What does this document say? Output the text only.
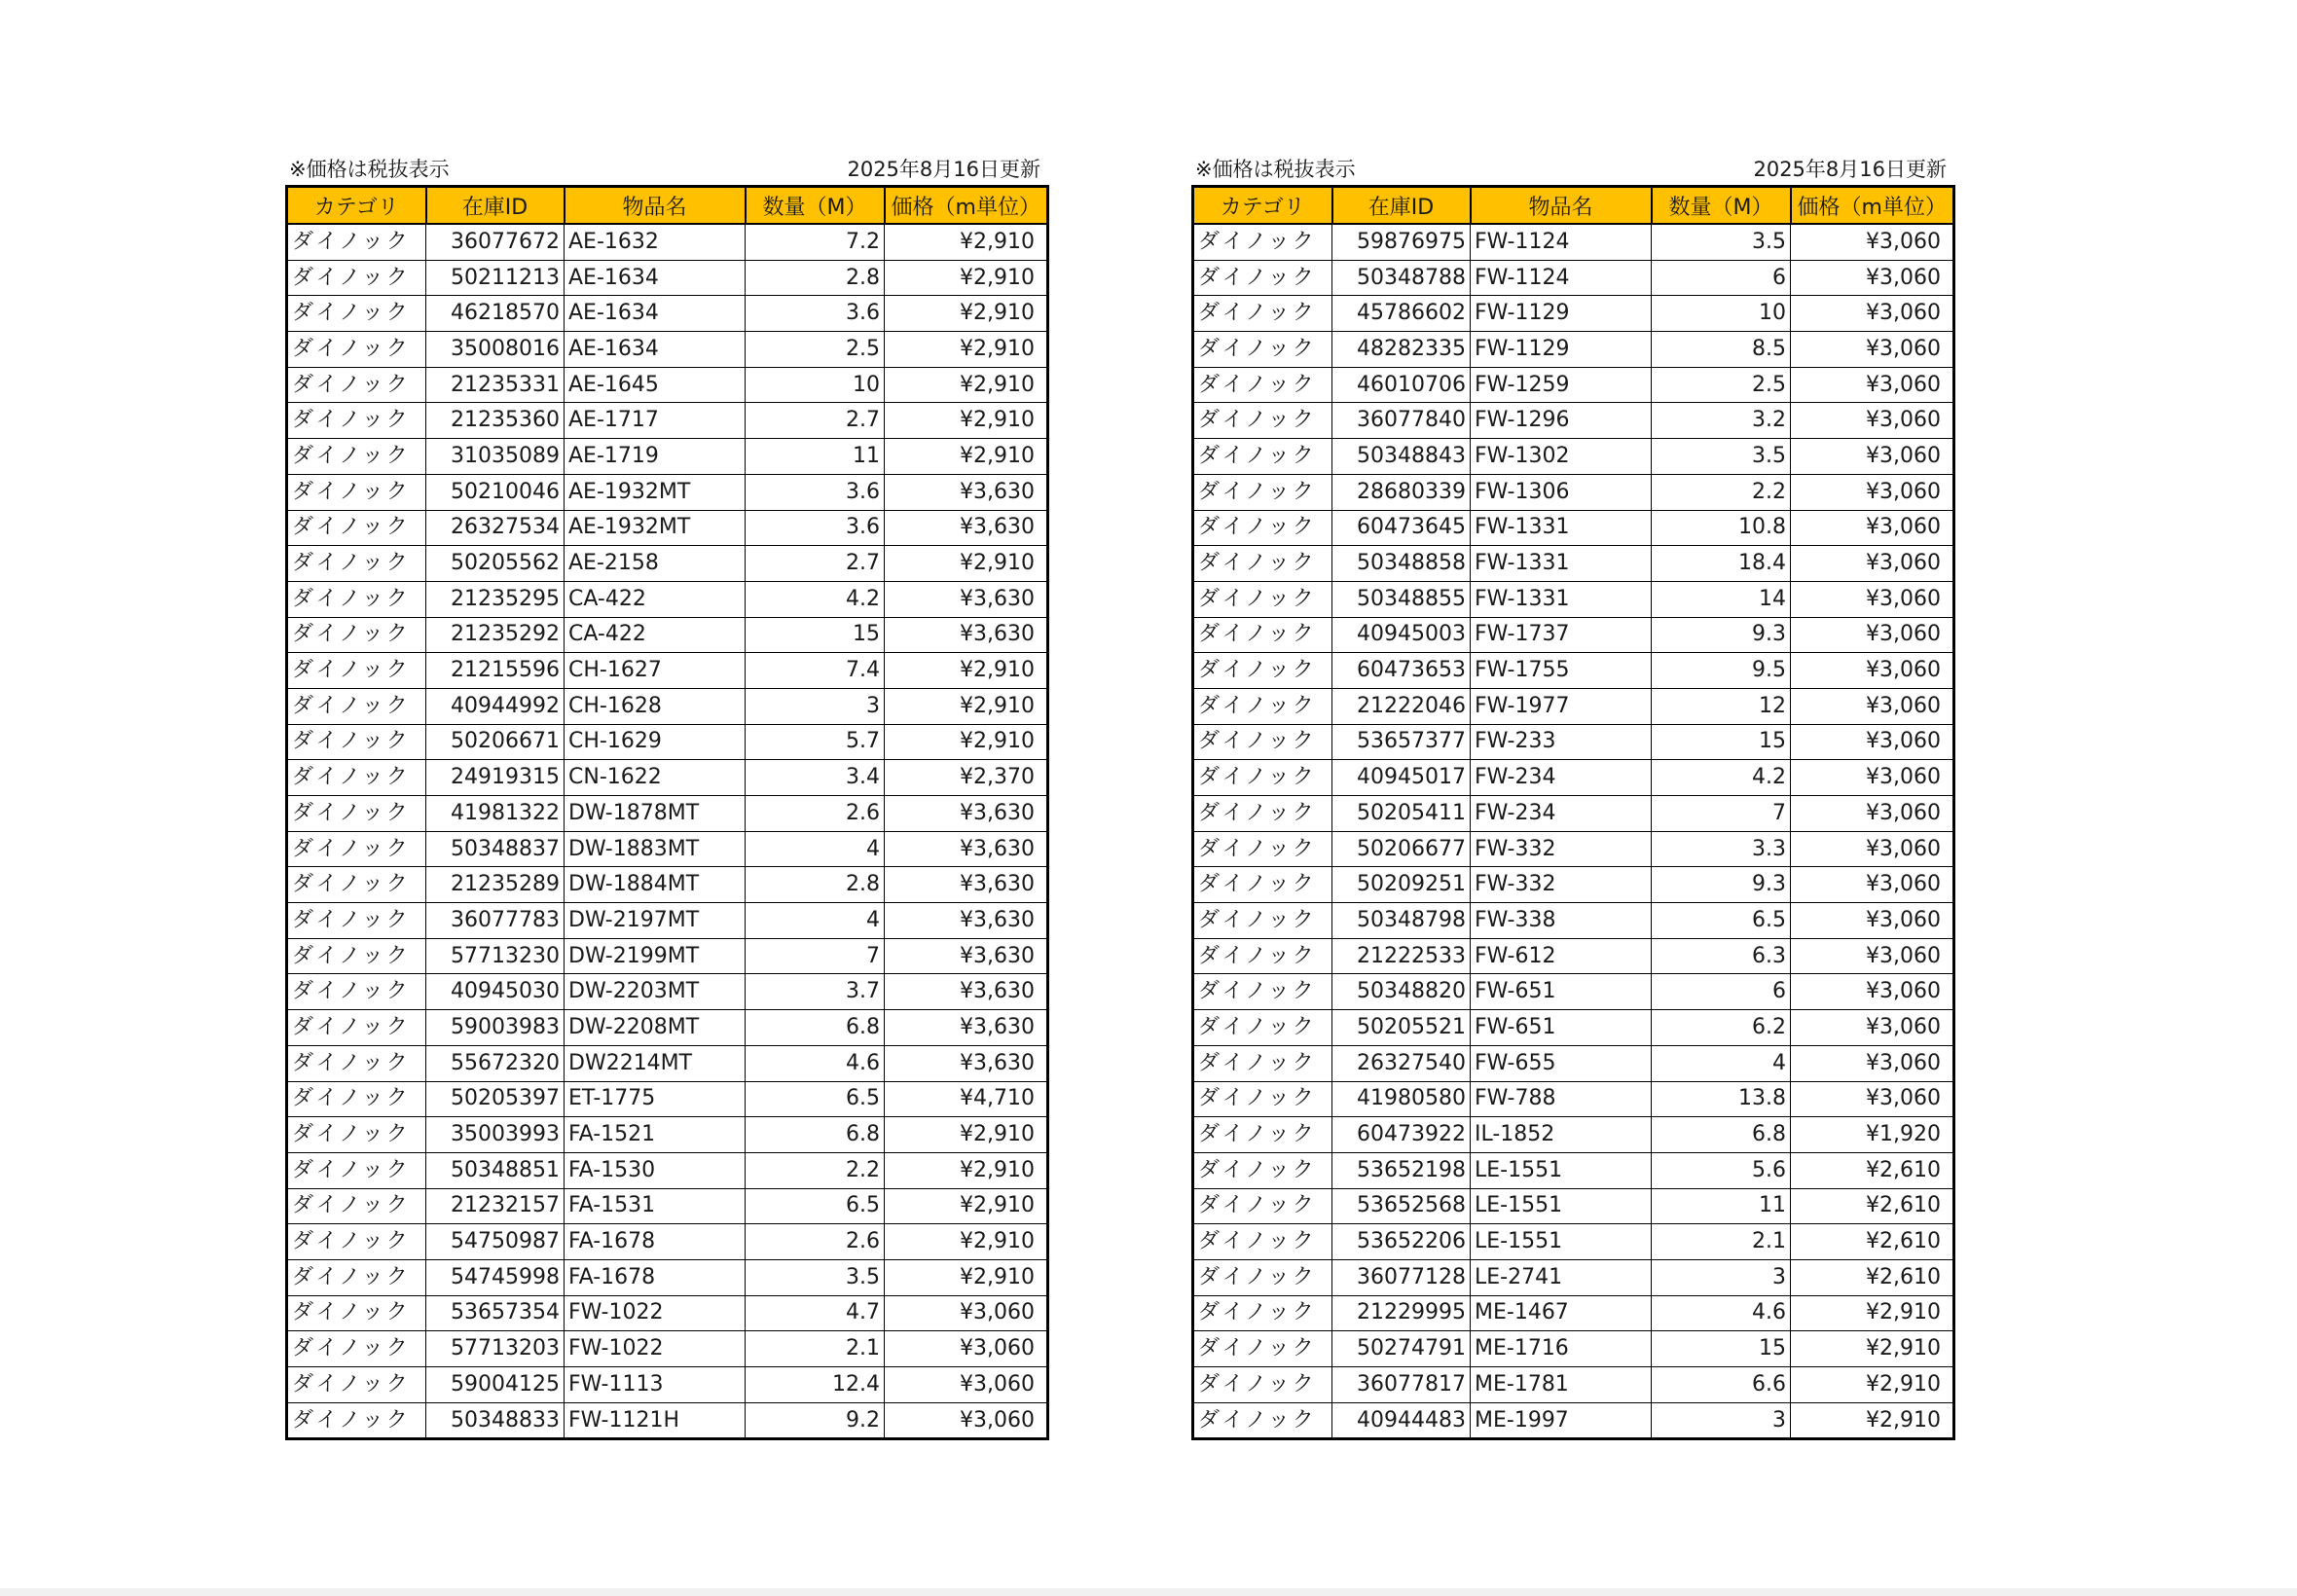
※価格は税抜表示	2025年8月16日更新
カテゴリ	在庫ID	物品名	数量（M）	価格（m単位）
ダイノック	36077672	AE-1632	7.2	¥2,910
ダイノック	50211213	AE-1634	2.8	¥2,910
ダイノック	46218570	AE-1634	3.6	¥2,910
ダイノック	35008016	AE-1634	2.5	¥2,910
ダイノック	21235331	AE-1645	10	¥2,910
ダイノック	21235360	AE-1717	2.7	¥2,910
ダイノック	31035089	AE-1719	11	¥2,910
ダイノック	50210046	AE-1932MT	3.6	¥3,630
ダイノック	26327534	AE-1932MT	3.6	¥3,630
ダイノック	50205562	AE-2158	2.7	¥2,910
ダイノック	21235295	CA-422	4.2	¥3,630
ダイノック	21235292	CA-422	15	¥3,630
ダイノック	21215596	CH-1627	7.4	¥2,910
ダイノック	40944992	CH-1628	3	¥2,910
ダイノック	50206671	CH-1629	5.7	¥2,910
ダイノック	24919315	CN-1622	3.4	¥2,370
ダイノック	41981322	DW-1878MT	2.6	¥3,630
ダイノック	50348837	DW-1883MT	4	¥3,630
ダイノック	21235289	DW-1884MT	2.8	¥3,630
ダイノック	36077783	DW-2197MT	4	¥3,630
ダイノック	57713230	DW-2199MT	7	¥3,630
ダイノック	40945030	DW-2203MT	3.7	¥3,630
ダイノック	59003983	DW-2208MT	6.8	¥3,630
ダイノック	55672320	DW2214MT	4.6	¥3,630
ダイノック	50205397	ET-1775	6.5	¥4,710
ダイノック	35003993	FA-1521	6.8	¥2,910
ダイノック	50348851	FA-1530	2.2	¥2,910
ダイノック	21232157	FA-1531	6.5	¥2,910
ダイノック	54750987	FA-1678	2.6	¥2,910
ダイノック	54745998	FA-1678	3.5	¥2,910
ダイノック	53657354	FW-1022	4.7	¥3,060
ダイノック	57713203	FW-1022	2.1	¥3,060
ダイノック	59004125	FW-1113	12.4	¥3,060
ダイノック	50348833	FW-1121H	9.2	¥3,060
※価格は税抜表示	2025年8月16日更新
カテゴリ	在庫ID	物品名	数量（M）	価格（m単位）
ダイノック	59876975	FW-1124	3.5	¥3,060
ダイノック	50348788	FW-1124	6	¥3,060
ダイノック	45786602	FW-1129	10	¥3,060
ダイノック	48282335	FW-1129	8.5	¥3,060
ダイノック	46010706	FW-1259	2.5	¥3,060
ダイノック	36077840	FW-1296	3.2	¥3,060
ダイノック	50348843	FW-1302	3.5	¥3,060
ダイノック	28680339	FW-1306	2.2	¥3,060
ダイノック	60473645	FW-1331	10.8	¥3,060
ダイノック	50348858	FW-1331	18.4	¥3,060
ダイノック	50348855	FW-1331	14	¥3,060
ダイノック	40945003	FW-1737	9.3	¥3,060
ダイノック	60473653	FW-1755	9.5	¥3,060
ダイノック	21222046	FW-1977	12	¥3,060
ダイノック	53657377	FW-233	15	¥3,060
ダイノック	40945017	FW-234	4.2	¥3,060
ダイノック	50205411	FW-234	7	¥3,060
ダイノック	50206677	FW-332	3.3	¥3,060
ダイノック	50209251	FW-332	9.3	¥3,060
ダイノック	50348798	FW-338	6.5	¥3,060
ダイノック	21222533	FW-612	6.3	¥3,060
ダイノック	50348820	FW-651	6	¥3,060
ダイノック	50205521	FW-651	6.2	¥3,060
ダイノック	26327540	FW-655	4	¥3,060
ダイノック	41980580	FW-788	13.8	¥3,060
ダイノック	60473922	IL-1852	6.8	¥1,920
ダイノック	53652198	LE-1551	5.6	¥2,610
ダイノック	53652568	LE-1551	11	¥2,610
ダイノック	53652206	LE-1551	2.1	¥2,610
ダイノック	36077128	LE-2741	3	¥2,610
ダイノック	21229995	ME-1467	4.6	¥2,910
ダイノック	50274791	ME-1716	15	¥2,910
ダイノック	36077817	ME-1781	6.6	¥2,910
ダイノック	40944483	ME-1997	3	¥2,910
